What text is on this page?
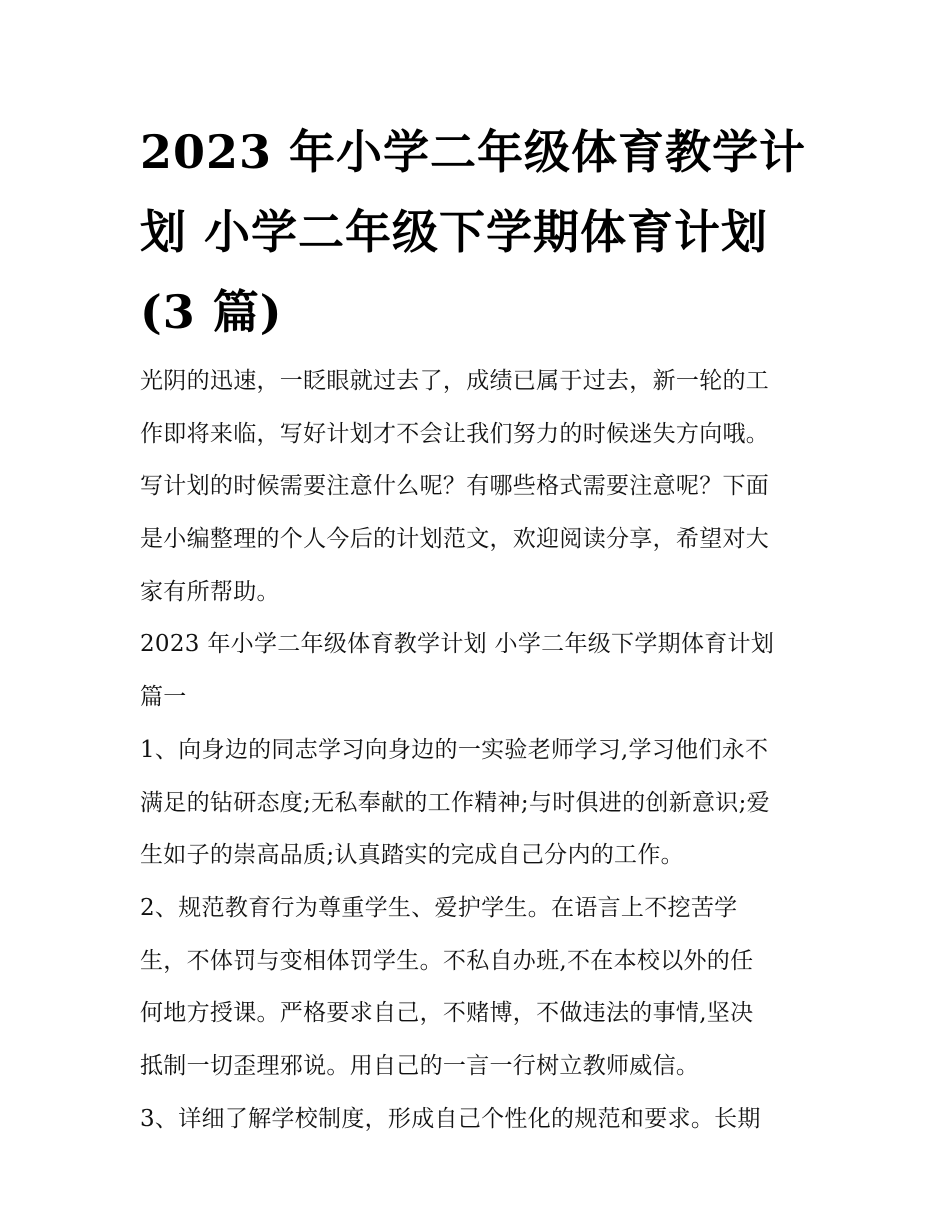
2023 年小学二年级体育教学计
划 小学二年级下学期体育计划
(3 篇)
光阴的迅速，一眨眼就过去了，成绩已属于过去，新一轮的工
作即将来临，写好计划才不会让我们努力的时候迷失方向哦。
写计划的时候需要注意什么呢？有哪些格式需要注意呢？下面
是小编整理的个人今后的计划范文，欢迎阅读分享，希望对大
家有所帮助。
2023 年小学二年级体育教学计划 小学二年级下学期体育计划
篇一
1、向身边的同志学习向身边的一实验老师学习,学习他们永不
满足的钻研态度;无私奉献的工作精神;与时俱进的创新意识;爱
生如子的崇高品质;认真踏实的完成自己分内的工作。
2、规范教育行为尊重学生、爱护学生。在语言上不挖苦学
生，不体罚与变相体罚学生。不私自办班,不在本校以外的任
何地方授课。严格要求自己，不赌博，不做违法的事情,坚决
抵制一切歪理邪说。用自己的一言一行树立教师威信。
3、详细了解学校制度，形成自己个性化的规范和要求。长期
